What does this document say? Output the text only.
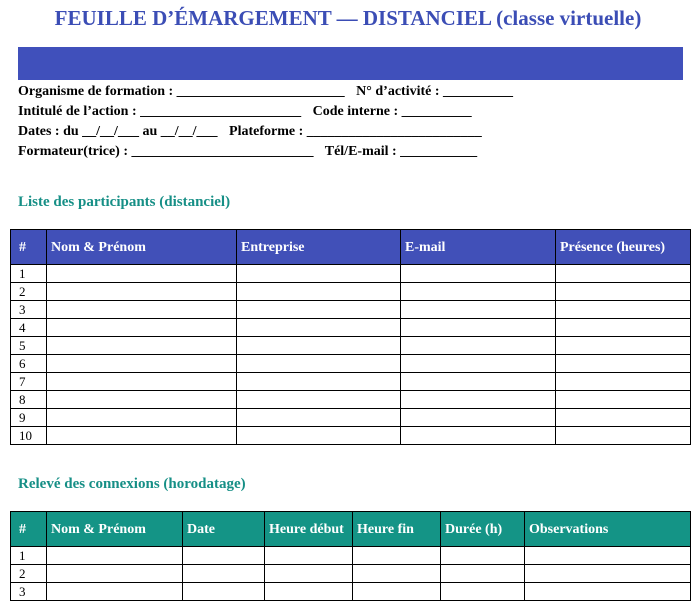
FEUILLE D’ÉMARGEMENT — DISTANCIEL (classe virtuelle)
Organisme de formation : ________________________ N° d’activité : __________
Intitulé de l’action : _______________________ Code interne : __________
Dates : du __/__/___ au __/__/___ Plateforme : _________________________
Formateur(trice) : __________________________ Tél/E-mail : ___________
Liste des participants (distanciel)
#	Nom & Prénom	Entreprise	E-mail	Présence (heures)
1				
2				
3				
4				
5				
6				
7				
8				
9				
10				
Relevé des connexions (horodatage)
#	Nom & Prénom	Date	Heure début	Heure fin	Durée (h)	Observations
1						
2						
3						
